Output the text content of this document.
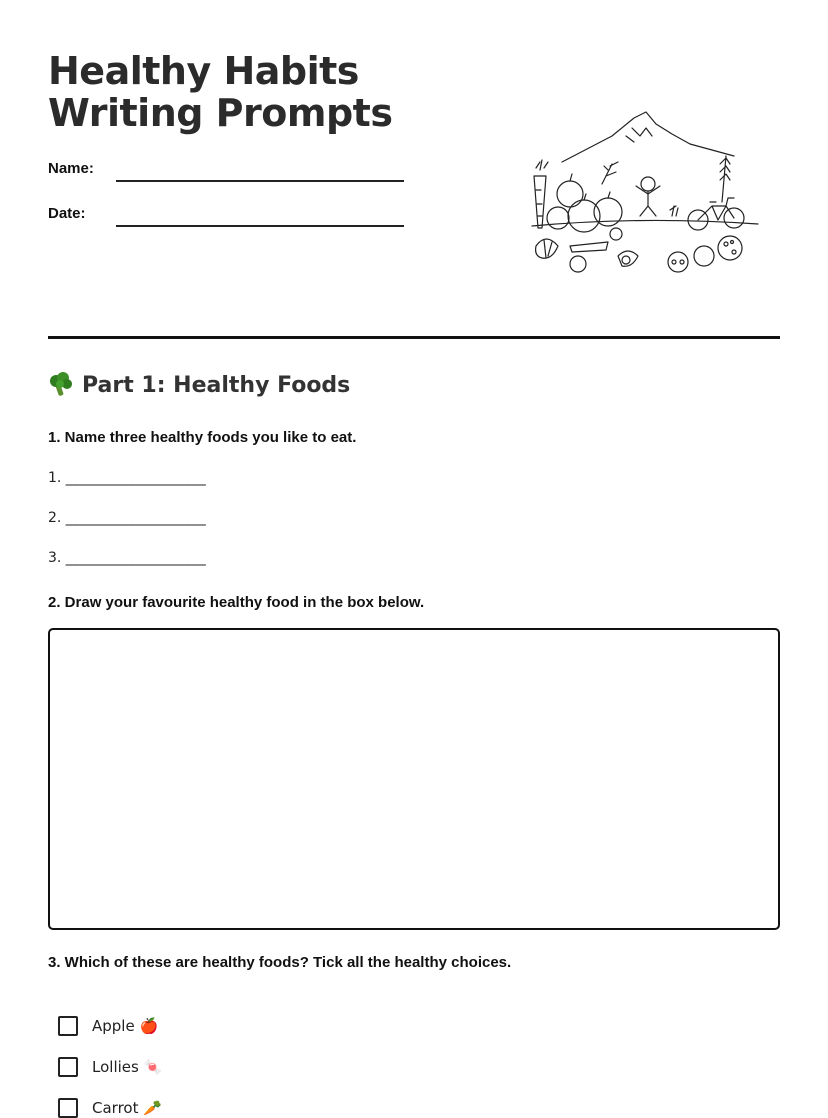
Healthy Habits Writing Prompts
Name:
Date:
Part 1: Healthy Foods
1. Name three healthy foods you like to eat.
1. ____________________
2. ____________________
3. ____________________
2. Draw your favourite healthy food in the box below.
3. Which of these are healthy foods? Tick all the healthy choices.
Apple 🍎
Lollies 🍬
Carrot 🥕
